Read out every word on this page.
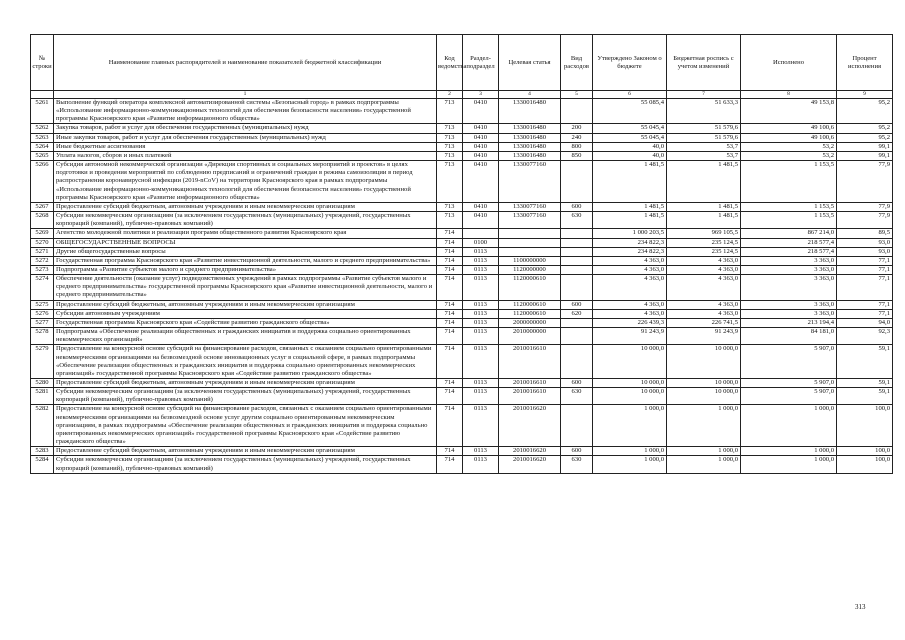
№ строки	Наименование главных распорядителей и наименование показателей бюджетной классификации	Код ведомства	Раздел-подраздел	Целевая статья	Вид расходов	Утверждено Законом о бюджете	Бюджетная роспись с учетом изменений	Исполнено	Процент исполнения
	1	2	3	4	5	6	7	8	9
5261	Выполнение функций оператора комплексной автоматизированной системы «Безопасный город» в рамках подпрограммы «Использование информационно-коммуникационных технологий для обеспечения безопасности населения» государственной программы Красноярского края «Развитие информационного общества»	713	0410	1330016480		55 085,4	51 633,3	49 153,8	95,2
5262	Закупка товаров, работ и услуг для обеспечения государственных (муниципальных) нужд	713	0410	1330016480	200	55 045,4	51 579,6	49 100,6	95,2
5263	Иные закупки товаров, работ и услуг для обеспечения государственных (муниципальных) нужд	713	0410	1330016480	240	55 045,4	51 579,6	49 100,6	95,2
5264	Иные бюджетные ассигнования	713	0410	1330016480	800	40,0	53,7	53,2	99,1
5265	Уплата налогов, сборов и иных платежей	713	0410	1330016480	850	40,0	53,7	53,2	99,1
5266	Субсидия автономной некоммерческой организации «Дирекция спортивных и социальных мероприятий и проектов» в целях подготовки и проведения мероприятий по соблюдению предписаний и ограничений граждан в режима самоизоляции в период распространения коронавирусной инфекции (2019-nCoV) на территории Красноярского края в рамках подпрограммы «Использование информационно-коммуникационных технологий для обеспечения безопасности населения» государственной программы Красноярского края «Развитие информационного общества»	713	0410	1330077160		1 481,5	1 481,5	1 153,5	77,9
5267	Предоставление субсидий бюджетным, автономным учреждениям и иным некоммерческим организациям	713	0410	1330077160	600	1 481,5	1 481,5	1 153,5	77,9
5268	Субсидии некоммерческим организациям (за исключением государственных (муниципальных) учреждений, государственных корпораций (компаний), публично-правовых компаний)	713	0410	1330077160	630	1 481,5	1 481,5	1 153,5	77,9
5269	Агентство молодежной политики и реализации программ общественного развития Красноярского края	714				1 000 203,5	969 105,5	867 214,0	89,5
5270	ОБЩЕГОСУДАРСТВЕННЫЕ ВОПРОСЫ	714	0100			234 822,3	235 124,5	218 577,4	93,0
5271	Другие общегосударственные вопросы	714	0113			234 822,3	235 124,5	218 577,4	93,0
5272	Государственная программа Красноярского края «Развитие инвестиционной деятельности, малого и среднего предпринимательства»	714	0113	1100000000		4 363,0	4 363,0	3 363,0	77,1
5273	Подпрограмма «Развитие субъектов малого и среднего предпринимательства»	714	0113	1120000000		4 363,0	4 363,0	3 363,0	77,1
5274	Обеспечение деятельности (оказание услуг) подведомственных учреждений в рамках подпрограммы «Развитие субъектов малого и среднего предпринимательства» государственной программы Красноярского края «Развитие инвестиционной деятельности, малого и среднего предпринимательства»	714	0113	1120000610		4 363,0	4 363,0	3 363,0	77,1
5275	Предоставление субсидий бюджетным, автономным учреждениям и иным некоммерческим организациям	714	0113	1120000610	600	4 363,0	4 363,0	3 363,0	77,1
5276	Субсидии автономным учреждениям	714	0113	1120000610	620	4 363,0	4 363,0	3 363,0	77,1
5277	Государственная программа Красноярского края «Содействие развитию гражданского общества»	714	0113	2000000000		226 439,3	226 741,5	213 194,4	94,0
5278	Подпрограмма «Обеспечение реализации общественных и гражданских инициатив и поддержка социально ориентированных некоммерческих организаций»	714	0113	2010000000		91 243,9	91 243,9	84 181,0	92,3
5279	Предоставление на конкурсной основе субсидий на финансирование расходов, связанных с оказанием социально ориентированными некоммерческими организациями на безвозмездной основе инновационных услуг в социальной сфере, в рамках подпрограммы «Обеспечение реализации общественных и гражданских инициатив и поддержка социально ориентированных некоммерческих организаций» государственной программы Красноярского края «Содействие развитию гражданского общества»	714	0113	2010016610		10 000,0	10 000,0	5 907,0	59,1
5280	Предоставление субсидий бюджетным, автономным учреждениям и иным некоммерческим организациям	714	0113	2010016610	600	10 000,0	10 000,0	5 907,0	59,1
5281	Субсидии некоммерческим организациям (за исключением государственных (муниципальных) учреждений, государственных корпораций (компаний), публично-правовых компаний)	714	0113	2010016610	630	10 000,0	10 000,0	5 907,0	59,1
5282	Предоставление на конкурсной основе субсидий на финансирование расходов, связанных с оказанием социально ориентированными некоммерческими организациями на безвозмездной основе услуг другим социально ориентированным некоммерческим организациям, в рамках подпрограммы «Обеспечение реализации общественных и гражданских инициатив и поддержка социально ориентированных некоммерческих организаций» государственной программы Красноярского края «Содействие развитию гражданского общества»	714	0113	2010016620		1 000,0	1 000,0	1 000,0	100,0
5283	Предоставление субсидий бюджетным, автономным учреждениям и иным некоммерческим организациям	714	0113	2010016620	600	1 000,0	1 000,0	1 000,0	100,0
5284	Субсидии некоммерческим организациям (за исключением государственных (муниципальных) учреждений, государственных корпораций (компаний), публично-правовых компаний)	714	0113	2010016620	630	1 000,0	1 000,0	1 000,0	100,0
313
